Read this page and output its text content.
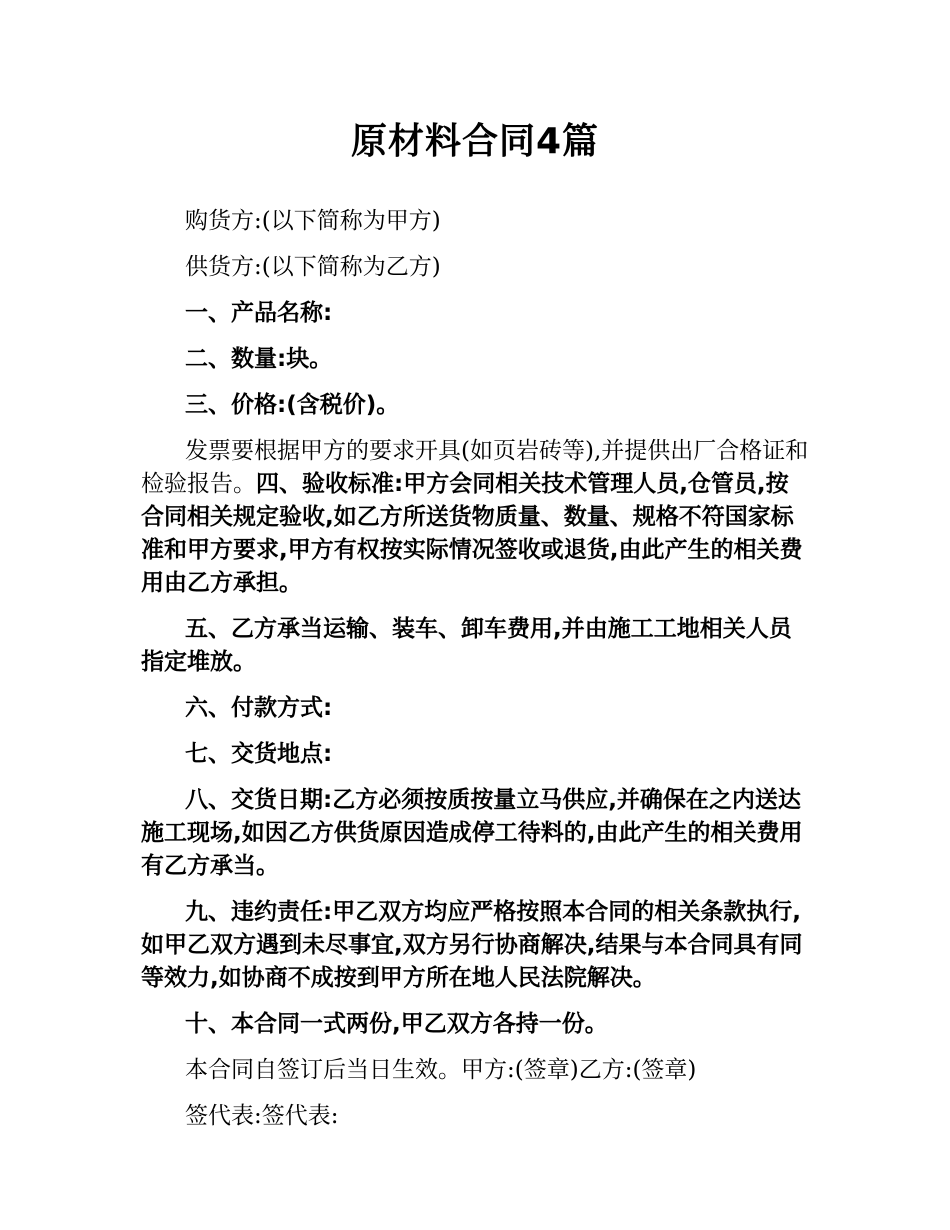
原材料合同4篇

购货方:(以下简称为甲方)

供货方:(以下简称为乙方)

一、产品名称:

二、数量:块。

三、价格:(含税价)。

发票要根据甲方的要求开具(如页岩砖等),并提供出厂合格证和检验报告。四、验收标准:甲方会同相关技术管理人员,仓管员,按合同相关规定验收,如乙方所送货物质量、数量、规格不符国家标准和甲方要求,甲方有权按实际情况签收或退货,由此产生的相关费用由乙方承担。

五、乙方承当运输、装车、卸车费用,并由施工工地相关人员指定堆放。

六、付款方式:

七、交货地点:

八、交货日期:乙方必须按质按量立马供应,并确保在之内送达施工现场,如因乙方供货原因造成停工待料的,由此产生的相关费用有乙方承当。

九、违约责任:甲乙双方均应严格按照本合同的相关条款执行,如甲乙双方遇到未尽事宜,双方另行协商解决,结果与本合同具有同等效力,如协商不成按到甲方所在地人民法院解决。

十、本合同一式两份,甲乙双方各持一份。

本合同自签订后当日生效。甲方:(签章)乙方:(签章)

签代表:签代表:
